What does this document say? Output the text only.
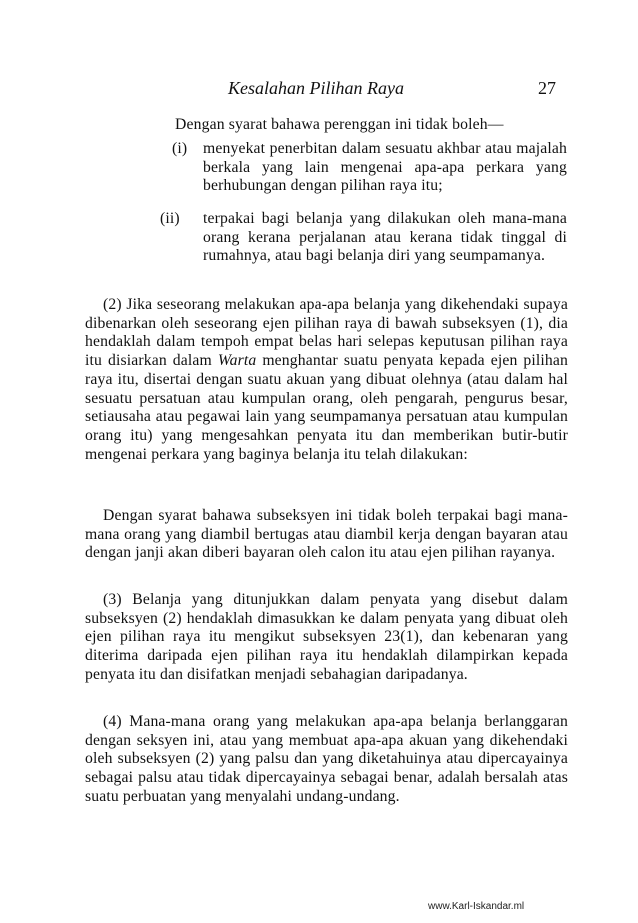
Kesalahan Pilihan Raya	27
Dengan syarat bahawa perenggan ini tidak boleh—
(i) menyekat penerbitan dalam sesuatu akhbar atau majalah berkala yang lain mengenai apa-apa perkara yang berhubungan dengan pilihan raya itu;
(ii) terpakai bagi belanja yang dilakukan oleh mana-mana orang kerana perjalanan atau kerana tidak tinggal di rumahnya, atau bagi belanja diri yang seumpamanya.
(2) Jika seseorang melakukan apa-apa belanja yang dikehendaki supaya dibenarkan oleh seseorang ejen pilihan raya di bawah subseksyen (1), dia hendaklah dalam tempoh empat belas hari selepas keputusan pilihan raya itu disiarkan dalam Warta menghantar suatu penyata kepada ejen pilihan raya itu, disertai dengan suatu akuan yang dibuat olehnya (atau dalam hal sesuatu persatuan atau kumpulan orang, oleh pengarah, pengurus besar, setiausaha atau pegawai lain yang seumpamanya persatuan atau kumpulan orang itu) yang mengesahkan penyata itu dan memberikan butir-butir mengenai perkara yang baginya belanja itu telah dilakukan:
Dengan syarat bahawa subseksyen ini tidak boleh terpakai bagi mana-mana orang yang diambil bertugas atau diambil kerja dengan bayaran atau dengan janji akan diberi bayaran oleh calon itu atau ejen pilihan rayanya.
(3) Belanja yang ditunjukkan dalam penyata yang disebut dalam subseksyen (2) hendaklah dimasukkan ke dalam penyata yang dibuat oleh ejen pilihan raya itu mengikut subseksyen 23(1), dan kebenaran yang diterima daripada ejen pilihan raya itu hendaklah dilampirkan kepada penyata itu dan disifatkan menjadi sebahagian daripadanya.
(4) Mana-mana orang yang melakukan apa-apa belanja berlanggaran dengan seksyen ini, atau yang membuat apa-apa akuan yang dikehendaki oleh subseksyen (2) yang palsu dan yang diketahuinya atau dipercayainya sebagai palsu atau tidak dipercayainya sebagai benar, adalah bersalah atas suatu perbuatan yang menyalahi undang-undang.
www.Karl-Iskandar.ml
